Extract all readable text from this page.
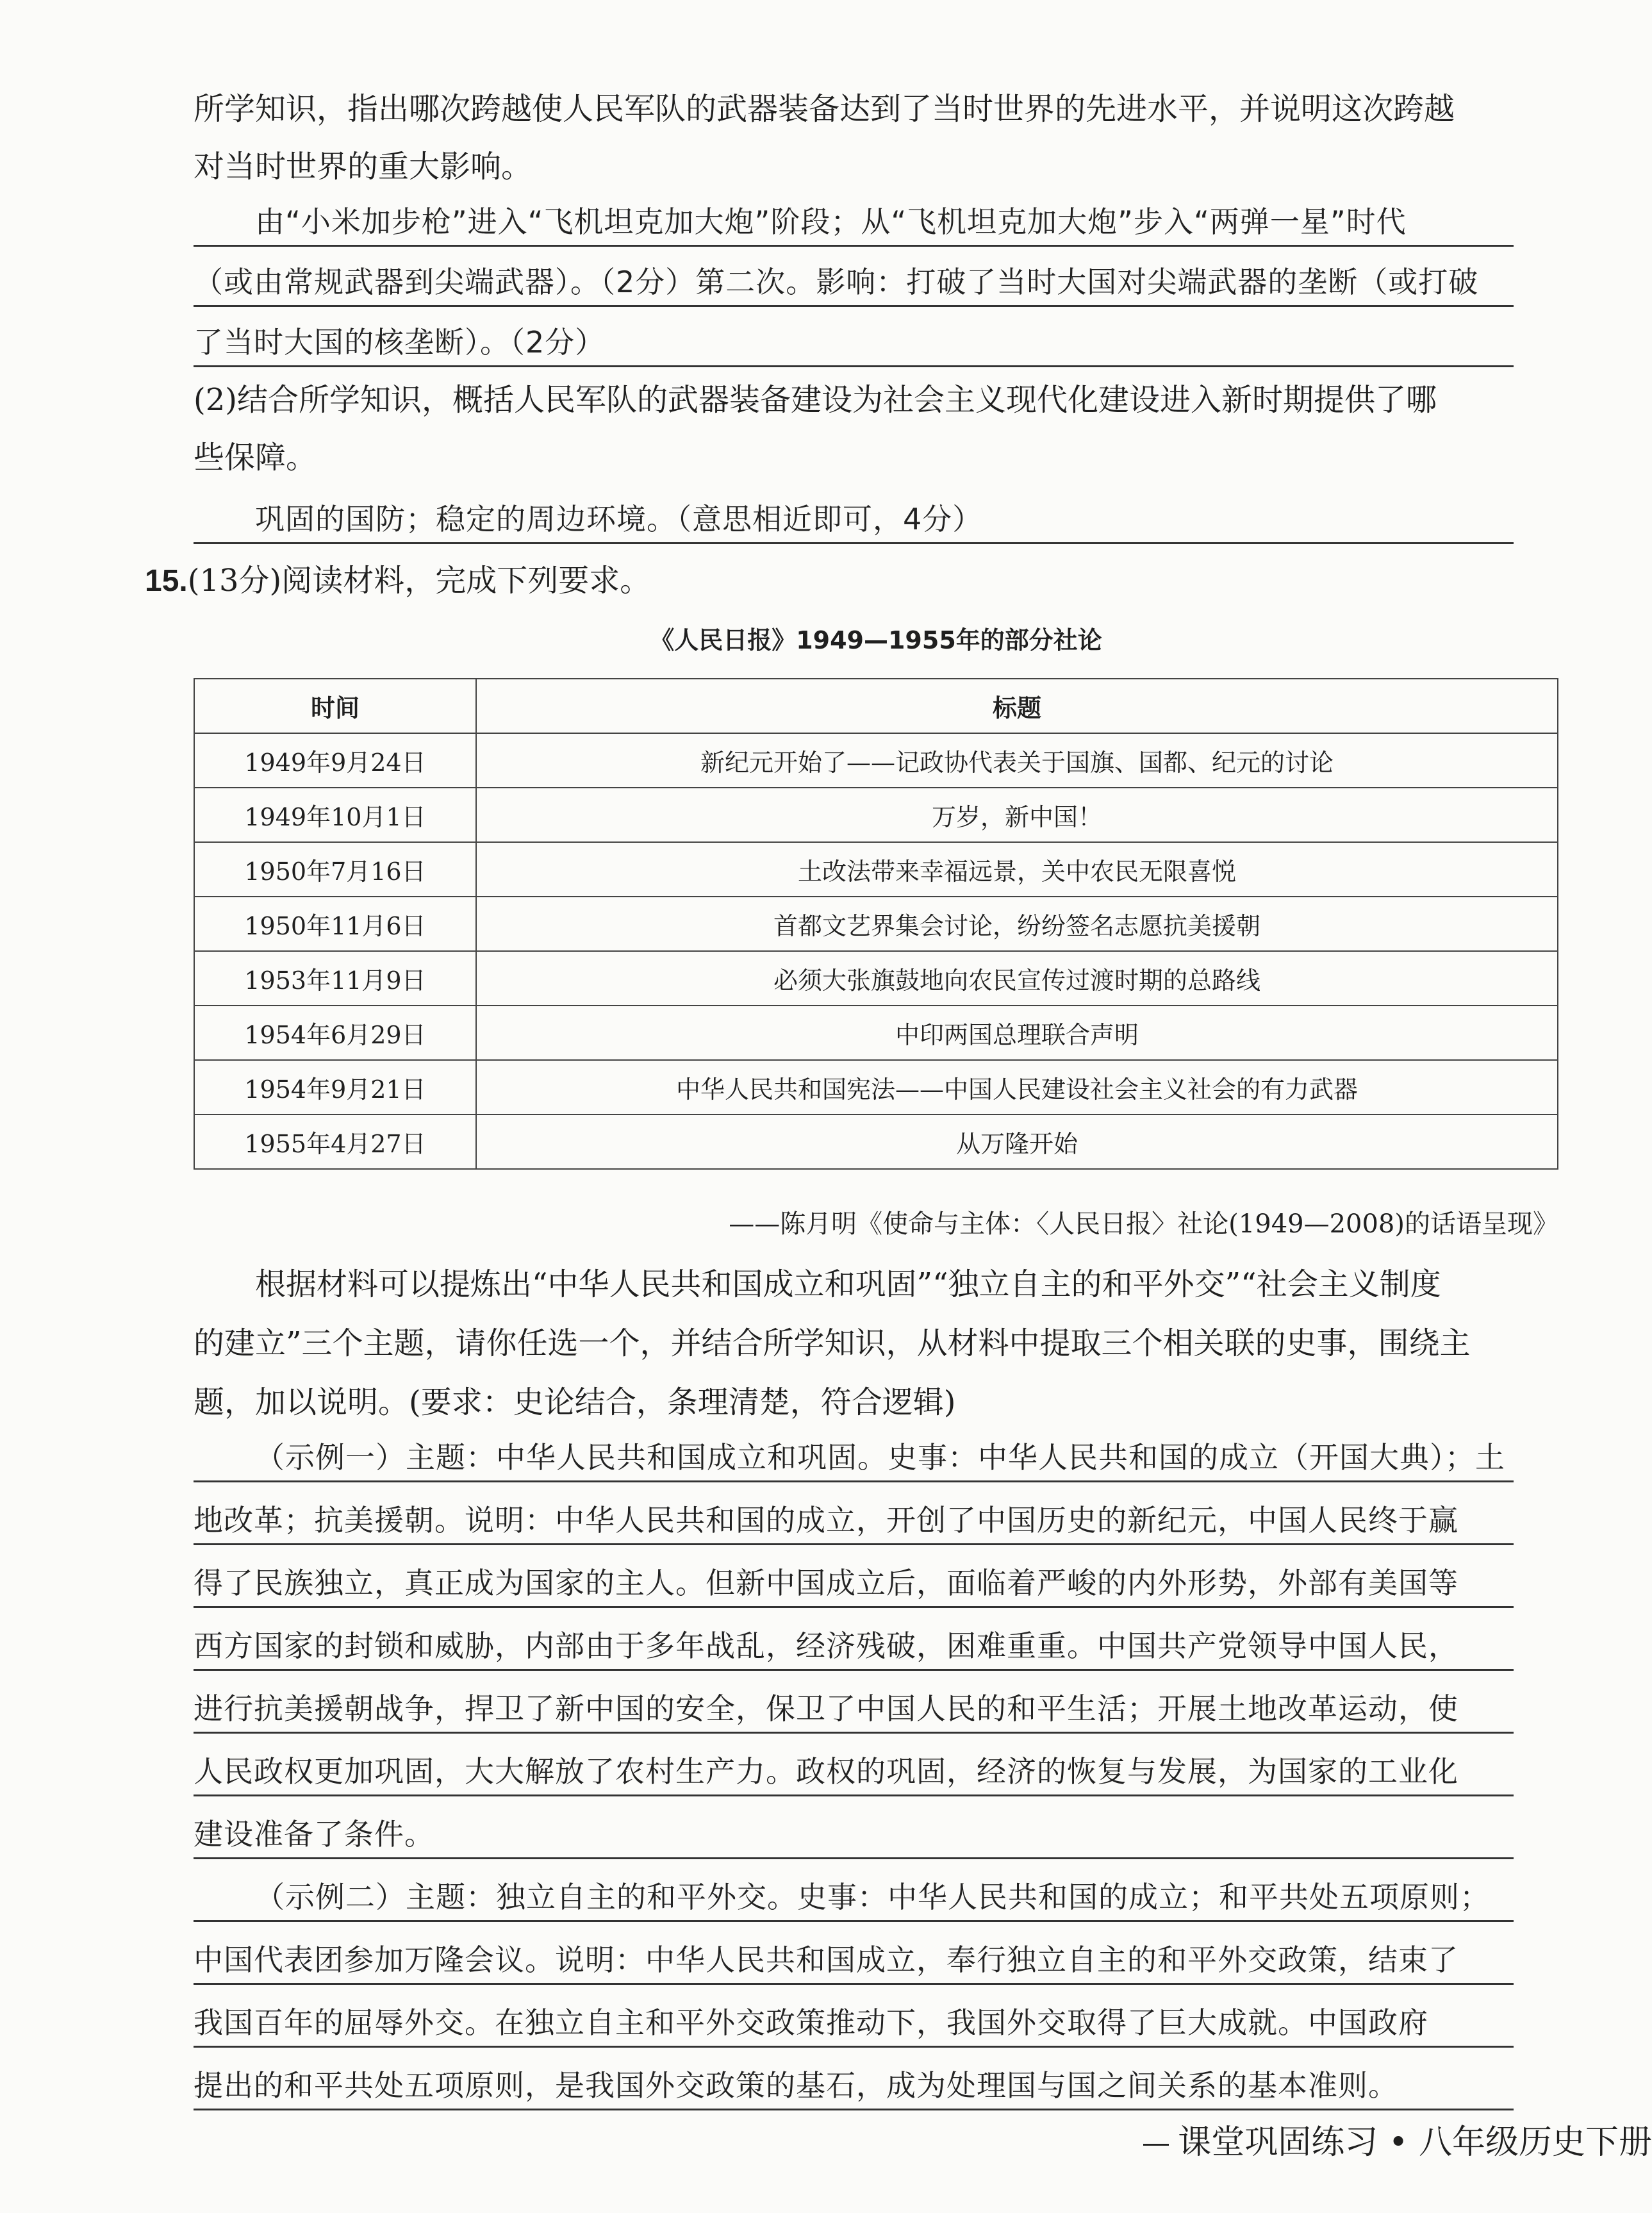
所学知识，指出哪次跨越使人民军队的武器装备达到了当时世界的先进水平，并说明这次跨越
对当时世界的重大影响。
由“小米加步枪”进入“飞机坦克加大炮”阶段；从“飞机坦克加大炮”步入“两弹一星”时代
（或由常规武器到尖端武器）。（2分）第二次。影响：打破了当时大国对尖端武器的垄断（或打破
了当时大国的核垄断）。（2分）
(2)结合所学知识，概括人民军队的武器装备建设为社会主义现代化建设进入新时期提供了哪
些保障。
巩固的国防；稳定的周边环境。（意思相近即可，4分）
15.(13分)阅读材料，完成下列要求。
《人民日报》1949—1955年的部分社论
时间	标题
1949年9月24日	新纪元开始了——记政协代表关于国旗、国都、纪元的讨论
1949年10月1日	万岁，新中国！
1950年7月16日	土改法带来幸福远景，关中农民无限喜悦
1950年11月6日	首都文艺界集会讨论，纷纷签名志愿抗美援朝
1953年11月9日	必须大张旗鼓地向农民宣传过渡时期的总路线
1954年6月29日	中印两国总理联合声明
1954年9月21日	中华人民共和国宪法——中国人民建设社会主义社会的有力武器
1955年4月27日	从万隆开始
——陈月明《使命与主体：〈人民日报〉社论(1949—2008)的话语呈现》
根据材料可以提炼出“中华人民共和国成立和巩固”“独立自主的和平外交”“社会主义制度
的建立”三个主题，请你任选一个，并结合所学知识，从材料中提取三个相关联的史事，围绕主
题，加以说明。(要求：史论结合，条理清楚，符合逻辑)
（示例一）主题：中华人民共和国成立和巩固。史事：中华人民共和国的成立（开国大典）；土
地改革；抗美援朝。说明：中华人民共和国的成立，开创了中国历史的新纪元，中国人民终于赢
得了民族独立，真正成为国家的主人。但新中国成立后，面临着严峻的内外形势，外部有美国等
西方国家的封锁和威胁，内部由于多年战乱，经济残破，困难重重。中国共产党领导中国人民，
进行抗美援朝战争，捍卫了新中国的安全，保卫了中国人民的和平生活；开展土地改革运动，使
人民政权更加巩固，大大解放了农村生产力。政权的巩固，经济的恢复与发展，为国家的工业化
建设准备了条件。
（示例二）主题：独立自主的和平外交。史事：中华人民共和国的成立；和平共处五项原则；
中国代表团参加万隆会议。说明：中华人民共和国成立，奉行独立自主的和平外交政策，结束了
我国百年的屈辱外交。在独立自主和平外交政策推动下，我国外交取得了巨大成就。中国政府
提出的和平共处五项原则，是我国外交政策的基石，成为处理国与国之间关系的基本准则。
课堂巩固练习 • 八年级历史下册
